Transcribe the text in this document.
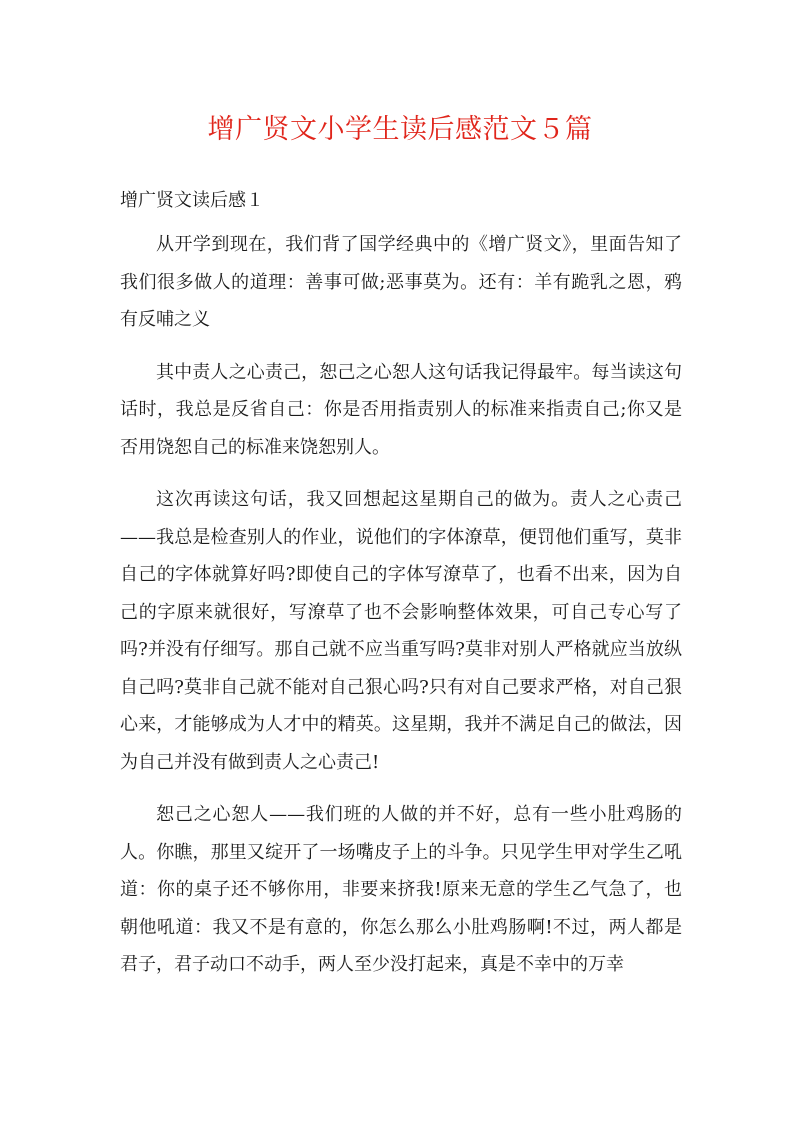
增广贤文小学生读后感范文５篇
增广贤文读后感１

从开学到现在，我们背了国学经典中的《增广贤文》，里面告知了我们很多做人的道理：善事可做;恶事莫为。还有：羊有跪乳之恩，鸦有反哺之义

其中责人之心责己，恕己之心恕人这句话我记得最牢。每当读这句话时，我总是反省自己：你是否用指责别人的标准来指责自己;你又是否用饶恕自己的标准来饶恕别人。

这次再读这句话，我又回想起这星期自己的做为。责人之心责己——我总是检查别人的作业，说他们的字体潦草，便罚他们重写，莫非自己的字体就算好吗?即使自己的字体写潦草了，也看不出来，因为自己的字原来就很好，写潦草了也不会影响整体效果，可自己专心写了吗?并没有仔细写。那自己就不应当重写吗?莫非对别人严格就应当放纵自己吗?莫非自己就不能对自己狠心吗?只有对自己要求严格，对自己狠心来，才能够成为人才中的精英。这星期，我并不满足自己的做法，因为自己并没有做到责人之心责己!

恕己之心恕人——我们班的人做的并不好，总有一些小肚鸡肠的人。你瞧，那里又绽开了一场嘴皮子上的斗争。只见学生甲对学生乙吼道：你的桌子还不够你用，非要来挤我!原来无意的学生乙气急了，也朝他吼道：我又不是有意的，你怎么那么小肚鸡肠啊!不过，两人都是君子，君子动口不动手，两人至少没打起来，真是不幸中的万幸
